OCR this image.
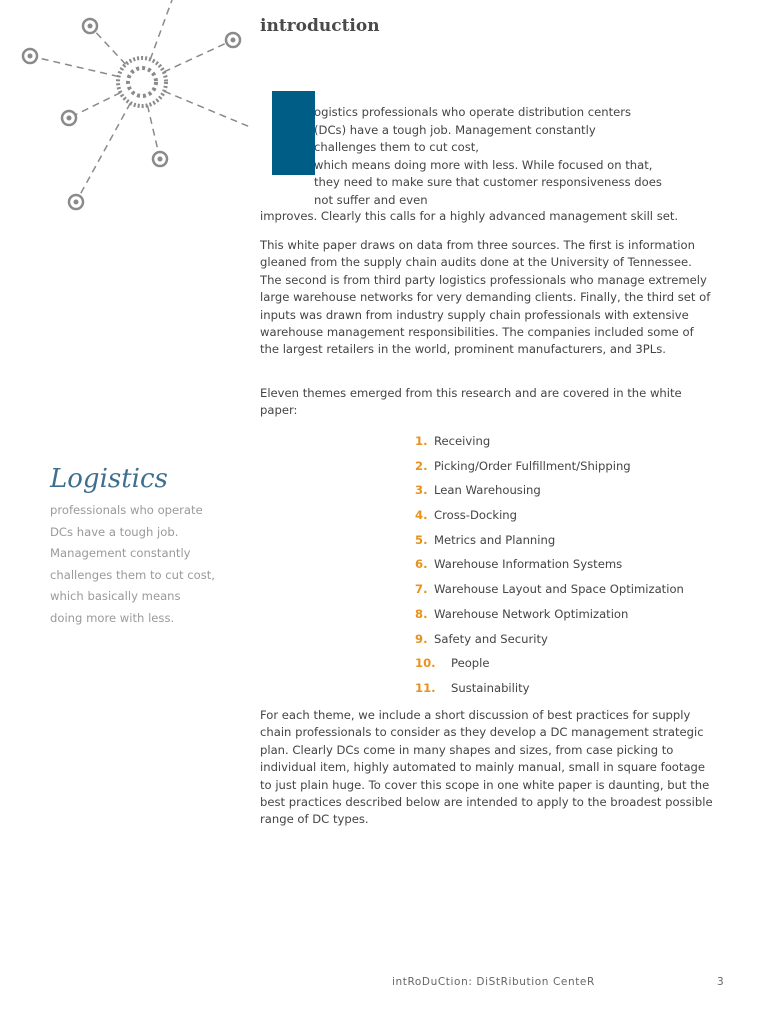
introduction
ogistics professionals who operate distribution centers
(DCs) have a tough job. Management constantly
challenges them to cut cost,
which means doing more with less. While focused on that,
they need to make sure that customer responsiveness does
not suffer and even

improves. Clearly this calls for a highly advanced management skill set.

This white paper draws on data from three sources. The first is information gleaned from the supply chain audits done at the University of Tennessee. The second is from third party logistics professionals who manage extremely large warehouse networks for very demanding clients. Finally, the third set of inputs was drawn from industry supply chain professionals with extensive warehouse management responsibilities. The companies included some of the largest retailers in the world, prominent manufacturers, and 3PLs.

Eleven themes emerged from this research and are covered in the white paper:

1. Receiving
2. Picking/Order Fulfillment/Shipping
3. Lean Warehousing
4. Cross-Docking
5. Metrics and Planning
6. Warehouse Information Systems
7. Warehouse Layout and Space Optimization
8. Warehouse Network Optimization
9. Safety and Security
10. People
11. Sustainability

For each theme, we include a short discussion of best practices for supply chain professionals to consider as they develop a DC management strategic plan. Clearly DCs come in many shapes and sizes, from case picking to individual item, highly automated to mainly manual, small in square footage to just plain huge. To cover this scope in one white paper is daunting, but the best practices described below are intended to apply to the broadest possible range of DC types.

Logistics

professionals who operate DCs have a tough job. Management constantly challenges them to cut cost, which basically means doing more with less.

intRoDuCtion: DiStRibution CenteR	3
